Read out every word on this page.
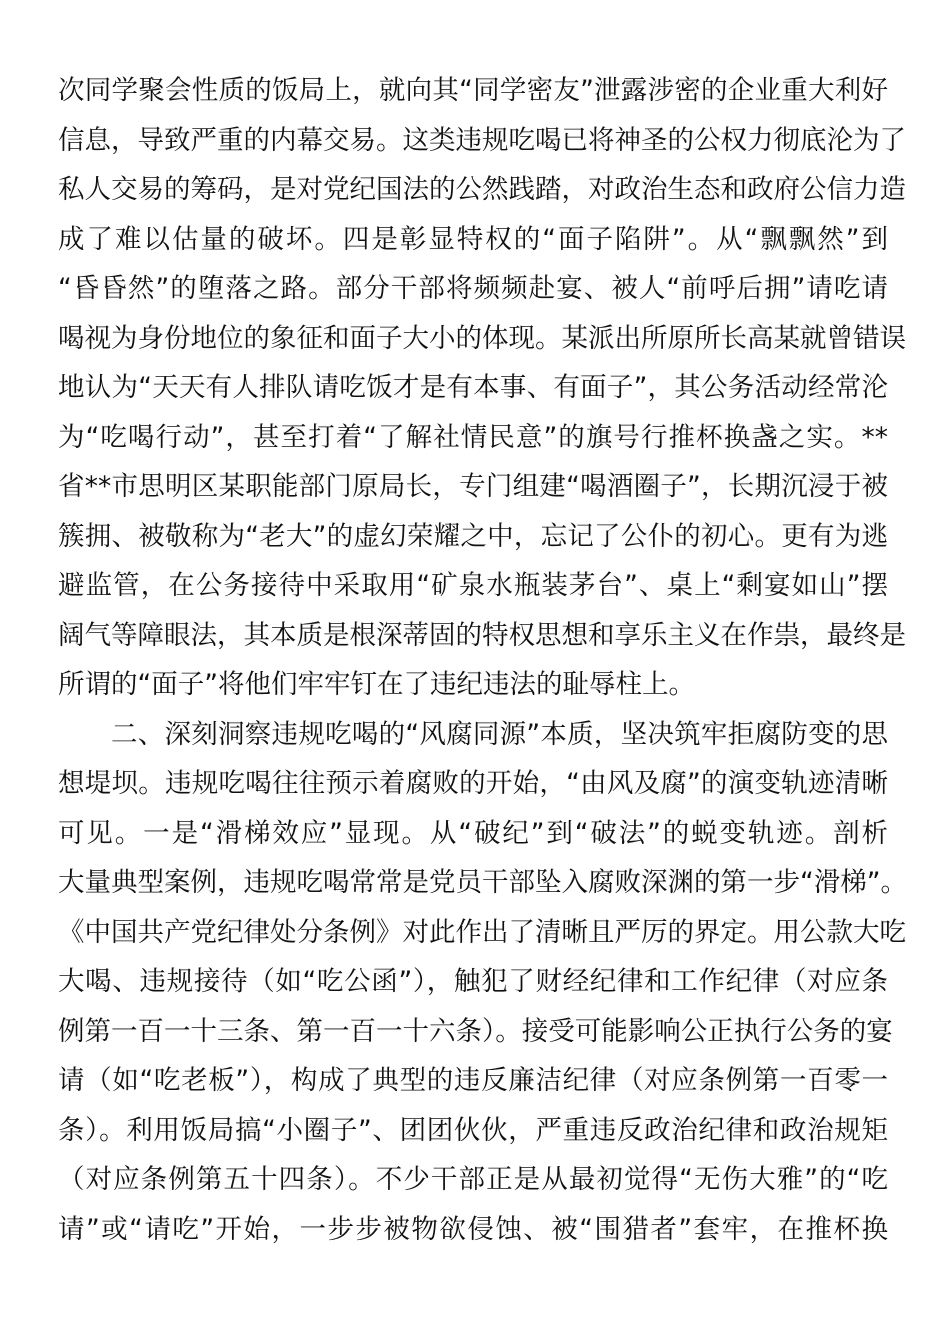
次同学聚会性质的饭局上，就向其“同学密友”泄露涉密的企业重大利好
信息，导致严重的内幕交易。这类违规吃喝已将神圣的公权力彻底沦为了
私人交易的筹码，是对党纪国法的公然践踏，对政治生态和政府公信力造
成了难以估量的破坏。四是彰显特权的“面子陷阱”。从“飘飘然”到
“昏昏然”的堕落之路。部分干部将频频赴宴、被人“前呼后拥”请吃请
喝视为身份地位的象征和面子大小的体现。某派出所原所长高某就曾错误
地认为“天天有人排队请吃饭才是有本事、有面子”，其公务活动经常沦
为“吃喝行动”，甚至打着“了解社情民意”的旗号行推杯换盏之实。**
省**市思明区某职能部门原局长，专门组建“喝酒圈子”，长期沉浸于被
簇拥、被敬称为“老大”的虚幻荣耀之中，忘记了公仆的初心。更有为逃
避监管，在公务接待中采取用“矿泉水瓶装茅台”、桌上“剩宴如山”摆
阔气等障眼法，其本质是根深蒂固的特权思想和享乐主义在作祟，最终是
所谓的“面子”将他们牢牢钉在了违纪违法的耻辱柱上。
二、深刻洞察违规吃喝的“风腐同源”本质，坚决筑牢拒腐防变的思
想堤坝。违规吃喝往往预示着腐败的开始，“由风及腐”的演变轨迹清晰
可见。一是“滑梯效应”显现。从“破纪”到“破法”的蜕变轨迹。剖析
大量典型案例，违规吃喝常常是党员干部坠入腐败深渊的第一步“滑梯”。
《中国共产党纪律处分条例》对此作出了清晰且严厉的界定。用公款大吃
大喝、违规接待（如“吃公函”），触犯了财经纪律和工作纪律（对应条
例第一百一十三条、第一百一十六条）。接受可能影响公正执行公务的宴
请（如“吃老板”），构成了典型的违反廉洁纪律（对应条例第一百零一
条）。利用饭局搞“小圈子”、团团伙伙，严重违反政治纪律和政治规矩
（对应条例第五十四条）。不少干部正是从最初觉得“无伤大雅”的“吃
请”或“请吃”开始，一步步被物欲侵蚀、被“围猎者”套牢，在推杯换
